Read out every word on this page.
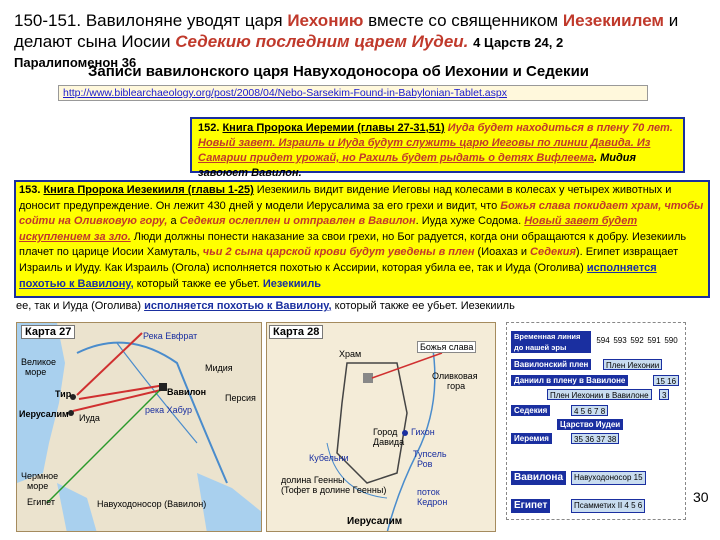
150-151. Вавилоняне уводят царя Иехонию вместе со священником Иезекиилем и делают сына Иосии Седекию последним царем Иудеи. 4 Царств 24, 2
Паралипоменон 36
Записи вавилонского царя Навуходоносора об Иехонии и Седекии
http://www.biblearchaeology.org/post/2008/04/Nebo-Sarsekim-Found-in-Babylonian-Tablet.aspx
152. Книга Пророка Иеремии (главы 27-31,51) Иуда будет находиться в плену 70 лет. Новый завет. Израиль и Иуда будут служить царю Иеговы по линии Давида. Из Самарии придет урожай, но Рахиль будет рыдать о детях Вифлеема. Мидия завоюет Вавилон.
153. Книга Пророка Иезекииля (главы 1-25) Иезекииль видит видение Иеговы над колесами в колесах у четырех животных и доносит предупреждение. Он лежит 430 дней у модели Иерусалима за его грехи и видит, что Божья слава покидает храм, чтобы сойти на Оливковую гору, а Седекия ослеплен и отправлен в Вавилон. Иуда хуже Содома. Новый завет будет искуплением за зло. Люди должны понести наказание за свои грехи, но Бог радуется, когда они обращаются к добру. Иезекииль плачет по царице Иосии Хамуталь, чьи 2 сына царской крови будут уведены в плен (Иоахаз и Седекия). Египет извращает Израиль и Иуду. Как Израиль (Огола) исполняется похотью к Ассирии, которая убила ее, так и Иуда (Оголива) исполняется похотью к Вавилону, который также ее убьет. Иезекииль
ее, так и Иуда (Оголива) исполняется похотью к Вавилону, который также ее убьет. Иезекииль
Карта 27	Река Евфрат
Великое
море	Мидия
Персия
Тир
Иерусалим Иуда
Вавилон
река Хабур
Чермное
море
Египет	Навуходоносор (Вавилон)
Карта 28
Храм
Божья слава
Оливковая
гора
Город
Давида
Гихон
Кубельни	Тупсель
Ров
долина Геенны
(Тофет в долине Геенны)	поток
Кедрон
Иерусалим
Временная линия до нашей эры
594 593 592 591 590
Вавилонский плен	Плен Иехонии
Даниил в плену в Вавилоне	15 16
Плен Иехонии в Вавилоне	3
Седекия	4 5 6 7 8
Царство Иудеи
Иеремия	35 36 37 38
Вавилона	Навуходоносор 15
Египет	Псамметих II 4 5 6
30
